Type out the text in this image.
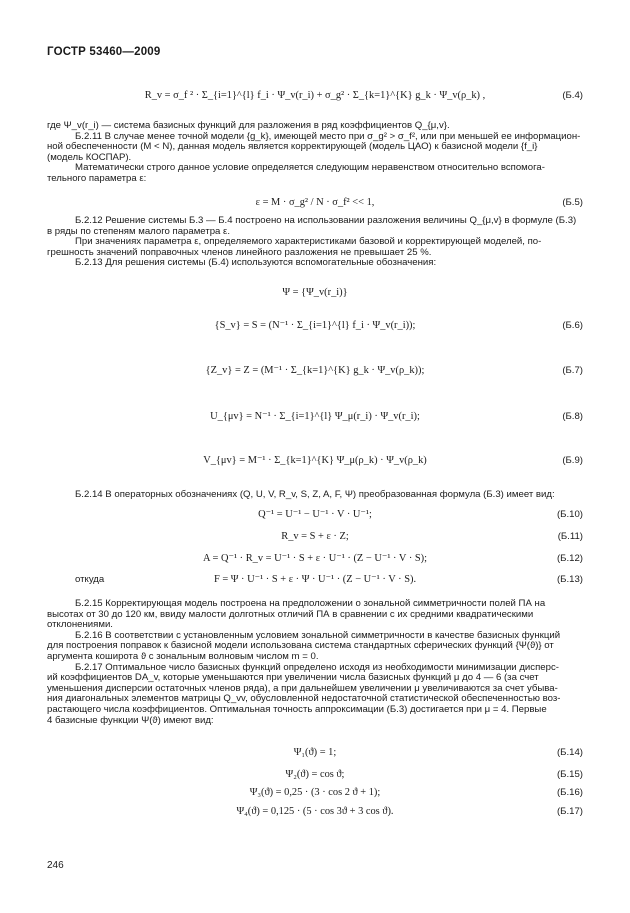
ГОСТР 53460—2009
R_v = σ_f ² · Σ_{i=1}^{l} f_i · Ψ_v(r_i) + σ_g² · Σ_{k=1}^{K} g_k · Ψ_v(ρ_k) ,	(Б.4)
где Ψ_v(r_i) — система базисных функций для разложения в ряд коэффициентов Q_{μ,v}.
Б.2.11 В случае менее точной модели {g_k}, имеющей место при σ_g² > σ_f², или при меньшей ее информацион-
ной обеспеченности (M < N), данная модель является корректирующей (модель ЦАО) к базисной модели {f_i}
(модель КОСПАР).
Математически строго данное условие определяется следующим неравенством относительно вспомога-
тельного параметра ε:
ε = M · σ_g² / N · σ_f² << 1,	(Б.5)
Б.2.12 Решение системы Б.3 — Б.4 построено на использовании разложения величины Q_{μ,v} в формуле (Б.3)
в ряды по степеням малого параметра ε.
При значениях параметра ε, определяемого характеристиками базовой и корректирующей моделей, по-
грешность значений поправочных членов линейного разложения не превышает 25 %.
Б.2.13 Для решения системы (Б.4) используются вспомогательные обозначения:
Ψ = {Ψ_v(r_i)}
{S_v} = S = (N⁻¹ · Σ_{i=1}^{l} f_i · Ψ_v(r_i));	(Б.6)
{Z_v} = Z = (M⁻¹ · Σ_{k=1}^{K} g_k · Ψ_v(ρ_k));	(Б.7)
U_{μv} = N⁻¹ · Σ_{i=1}^{l} Ψ_μ(r_i) · Ψ_v(r_i);	(Б.8)
V_{μv} = M⁻¹ · Σ_{k=1}^{K} Ψ_μ(ρ_k) · Ψ_v(ρ_k)	(Б.9)
Б.2.14 В операторных обозначениях (Q, U, V, R_v, S, Z, A, F, Ψ) преобразованная формула (Б.3) имеет вид:
Q⁻¹ = U⁻¹ − U⁻¹ · V · U⁻¹;	(Б.10)
R_v = S + ε · Z;	(Б.11)
A = Q⁻¹ · R_v = U⁻¹ · S + ε · U⁻¹ · (Z − U⁻¹ · V · S);	(Б.12)
откуда	F = Ψ · U⁻¹ · S + ε · Ψ · U⁻¹ · (Z − U⁻¹ · V · S).	(Б.13)
Б.2.15 Корректирующая модель построена на предположении о зональной симметричности полей ПА на
высотах от 30 до 120 км, ввиду малости долготных отличий ПА в сравнении с их средними квадратическими
отклонениями.
Б.2.16 В соответствии с установленным условием зональной симметричности в качестве базисных функций
для построения поправок к базисной модели использована система стандартных сферических функций {Ψ(ϑ)} от
аргумента коширота ϑ с зональным волновым числом m = 0.
Б.2.17 Оптимальное число базисных функций определено исходя из необходимости минимизации дисперс-
ий коэффициентов DA_v, которые уменьшаются при увеличении числа базисных функций μ до 4 — 6 (за счет
уменьшения дисперсии остаточных членов ряда), а при дальнейшем увеличении μ увеличиваются за счет убыва-
ния диагональных элементов матрицы Q_vv, обусловленной недостаточной статистической обеспеченностью воз-
растающего числа коэффициентов. Оптимальная точность аппроксимации (Б.3) достигается при μ = 4. Первые
4 базисные функции Ψ(ϑ) имеют вид:
Ψ₁(ϑ) = 1;	(Б.14)
Ψ₂(ϑ) = cos ϑ;	(Б.15)
Ψ₃(ϑ) = 0,25 · (3 · cos 2 ϑ + 1);	(Б.16)
Ψ₄(ϑ) = 0,125 · (5 · cos 3ϑ + 3 cos ϑ).	(Б.17)
246
